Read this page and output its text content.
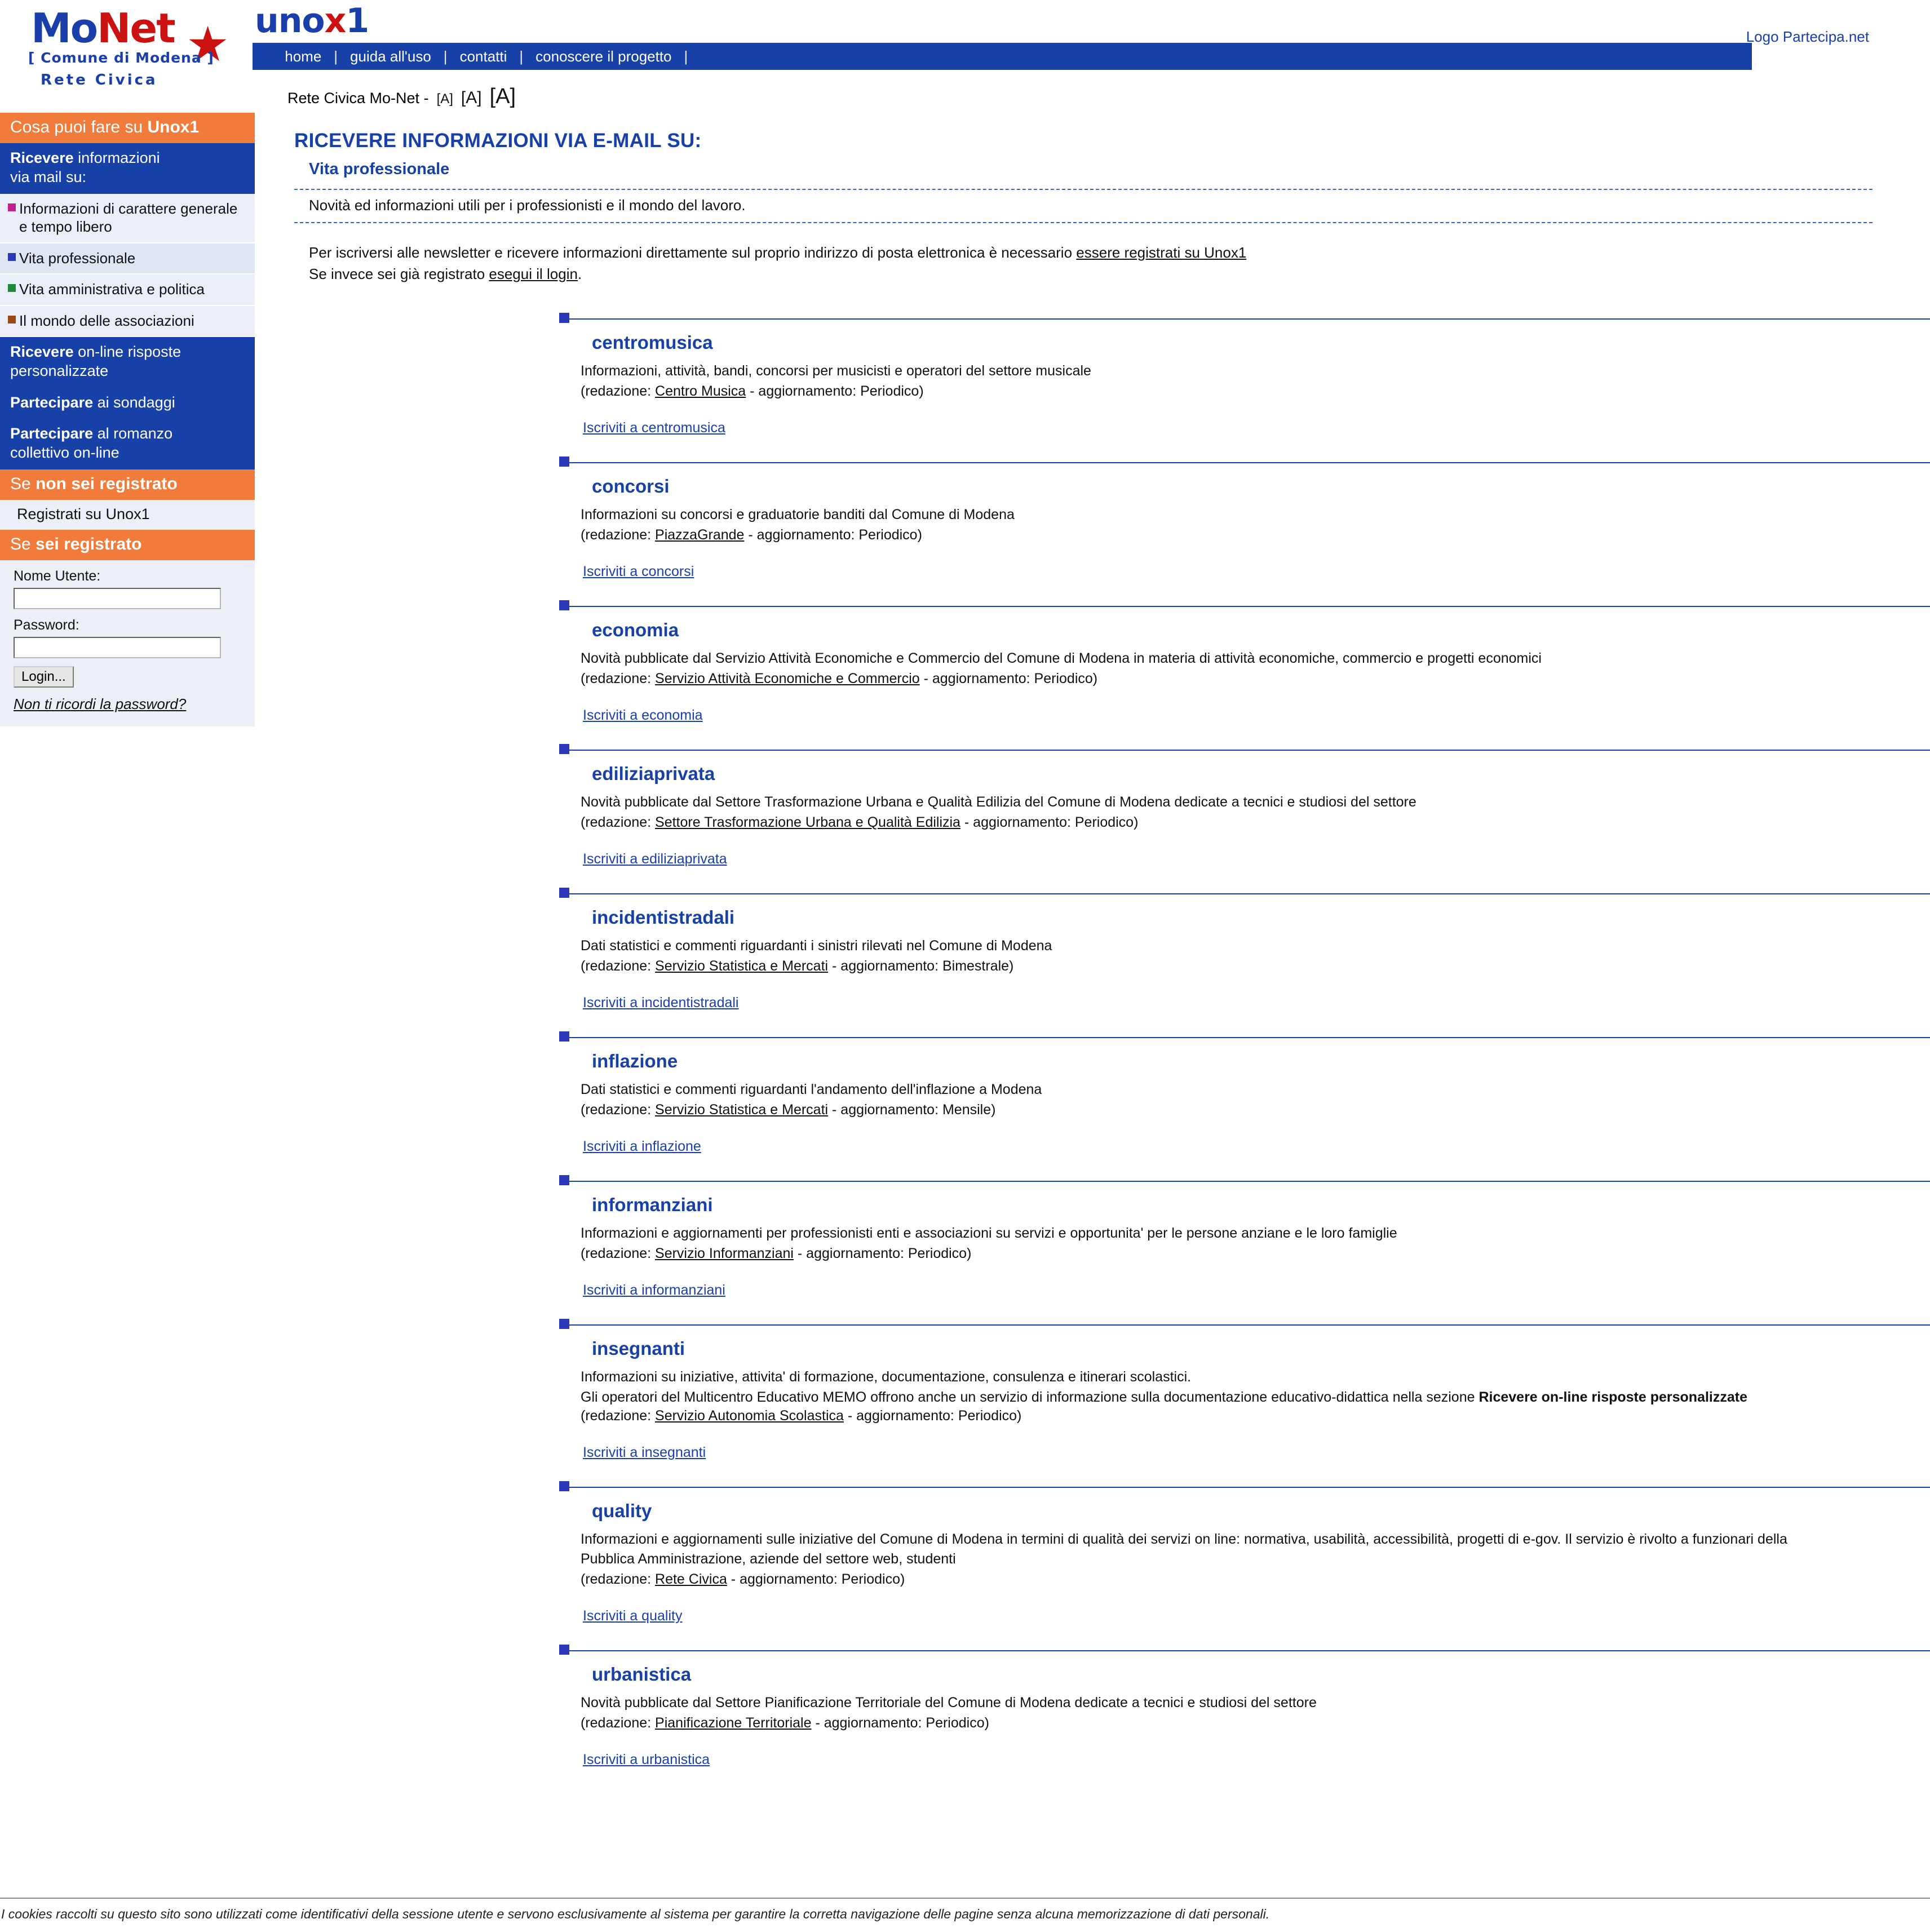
MoNet ★
[ Comune di Modena ]
Rete Civica
unox1

home | guida all'uso | contatti | conoscere il progetto |
Logo Partecipa.net
Rete Civica Mo-Net - [A] [A] [A]
Cosa puoi fare su Unox1
Ricevere informazioni
via mail su:
Informazioni di carattere generale e tempo libero
Vita professionale
Vita amministrativa e politica
Il mondo delle associazioni
Ricevere on-line risposte
personalizzate
Partecipare ai sondaggi
Partecipare al romanzo
collettivo on-line
Se non sei registrato
Registrati su Unox1
Se sei registrato
Nome Utente:
Password:
Login...
Non ti ricordi la password?
RICEVERE INFORMAZIONI VIA E-MAIL SU:
Vita professionale
Novità ed informazioni utili per i professionisti e il mondo del lavoro.
Per iscriversi alle newsletter e ricevere informazioni direttamente sul proprio indirizzo di posta elettronica è necessario essere registrati su Unox1
Se invece sei già registrato esegui il login.
centromusica
Informazioni, attività, bandi, concorsi per musicisti e operatori del settore musicale
(redazione: Centro Musica - aggiornamento: Periodico)
Iscriviti a centromusica
concorsi
Informazioni su concorsi e graduatorie banditi dal Comune di Modena
(redazione: PiazzaGrande - aggiornamento: Periodico)
Iscriviti a concorsi
economia
Novità pubblicate dal Servizio Attività Economiche e Commercio del Comune di Modena in materia di attività economiche, commercio e progetti economici
(redazione: Servizio Attività Economiche e Commercio - aggiornamento: Periodico)
Iscriviti a economia
ediliziaprivata
Novità pubblicate dal Settore Trasformazione Urbana e Qualità Edilizia del Comune di Modena dedicate a tecnici e studiosi del settore
(redazione: Settore Trasformazione Urbana e Qualità Edilizia - aggiornamento: Periodico)
Iscriviti a ediliziaprivata
incidentistradali
Dati statistici e commenti riguardanti i sinistri rilevati nel Comune di Modena
(redazione: Servizio Statistica e Mercati - aggiornamento: Bimestrale)
Iscriviti a incidentistradali
inflazione
Dati statistici e commenti riguardanti l'andamento dell'inflazione a Modena
(redazione: Servizio Statistica e Mercati - aggiornamento: Mensile)
Iscriviti a inflazione
informanziani
Informazioni e aggiornamenti per professionisti enti e associazioni su servizi e opportunita' per le persone anziane e le loro famiglie
(redazione: Servizio Informanziani - aggiornamento: Periodico)
Iscriviti a informanziani
insegnanti
Informazioni su iniziative, attivita' di formazione, documentazione, consulenza e itinerari scolastici.
Gli operatori del Multicentro Educativo MEMO offrono anche un servizio di informazione sulla documentazione educativo-didattica nella sezione Ricevere on-line risposte personalizzate
(redazione: Servizio Autonomia Scolastica - aggiornamento: Periodico)
Iscriviti a insegnanti
quality
Informazioni e aggiornamenti sulle iniziative del Comune di Modena in termini di qualità dei servizi on line: normativa, usabilità, accessibilità, progetti di e-gov. Il servizio è rivolto a funzionari della Pubblica Amministrazione, aziende del settore web, studenti
(redazione: Rete Civica - aggiornamento: Periodico)
Iscriviti a quality
urbanistica
Novità pubblicate dal Settore Pianificazione Territoriale del Comune di Modena dedicate a tecnici e studiosi del settore
(redazione: Pianificazione Territoriale - aggiornamento: Periodico)
Iscriviti a urbanistica
I cookies raccolti su questo sito sono utilizzati come identificativi della sessione utente e servono esclusivamente al sistema per garantire la corretta navigazione delle pagine senza alcuna memorizzazione di dati personali.
